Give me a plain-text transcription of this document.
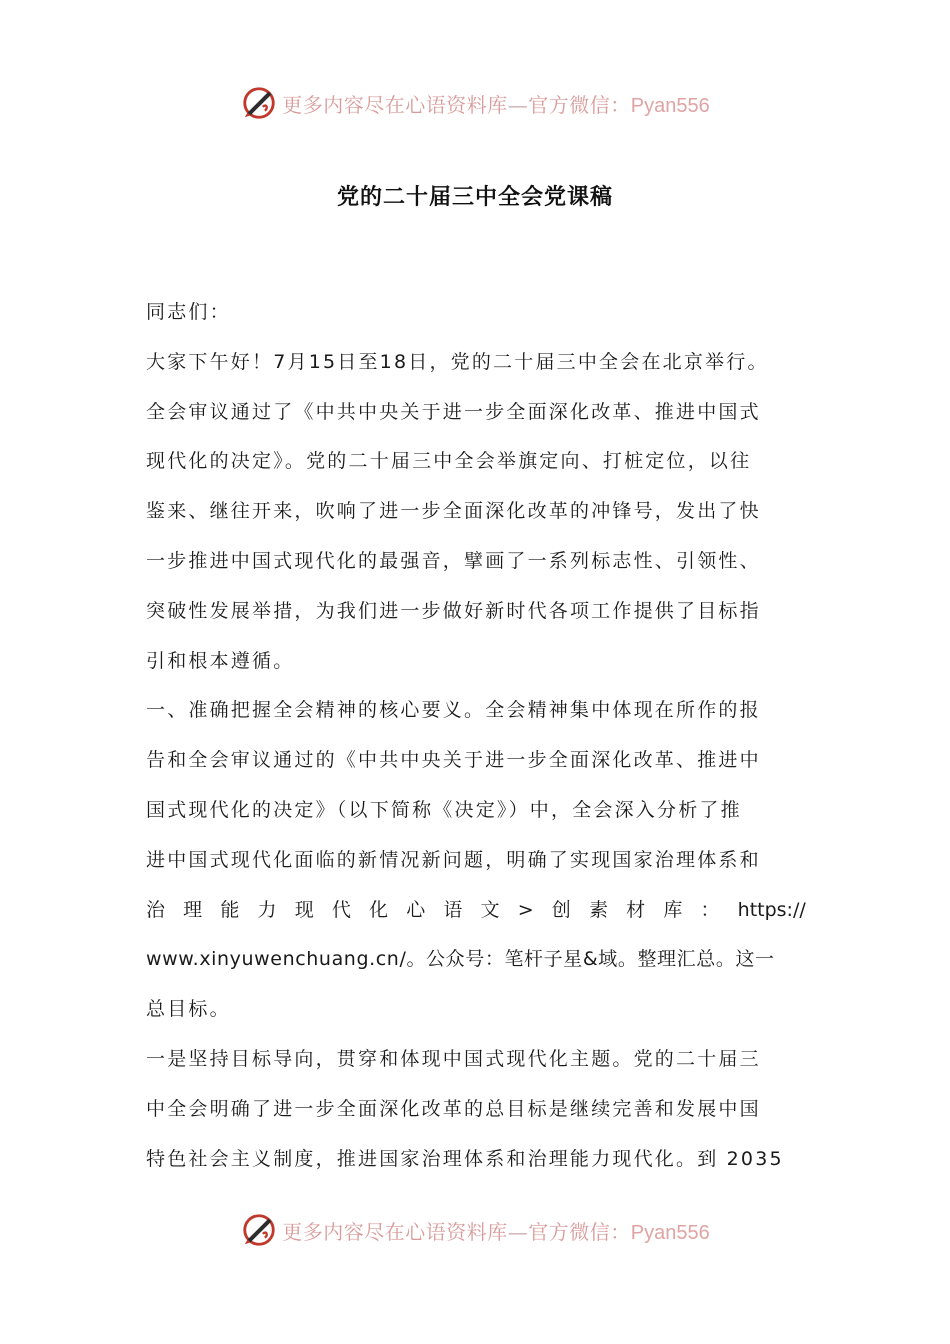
更多内容尽在心语资料库—官方微信：Pyan556
党的二十届三中全会党课稿
同志们：
大家下午好！7月15日至18日，党的二十届三中全会在北京举行。
全会审议通过了《中共中央关于进一步全面深化改革、推进中国式
现代化的决定》。党的二十届三中全会举旗定向、打桩定位，以往
鉴来、继往开来，吹响了进一步全面深化改革的冲锋号，发出了快
一步推进中国式现代化的最强音，擘画了一系列标志性、引领性、
突破性发展举措，为我们进一步做好新时代各项工作提供了目标指
引和根本遵循。
一、准确把握全会精神的核心要义。全会精神集中体现在所作的报
告和全会审议通过的《中共中央关于进一步全面深化改革、推进中
国式现代化的决定》（以下简称《决定》）中，全会深入分析了推
进中国式现代化面临的新情况新问题，明确了实现国家治理体系和
治 理 能 力 现 代 化 心 语 文 > 创 素 材 库 ： https://
www.xinyuwenchuang.cn/。公众号：笔杆子星&域。整理汇总。这一
总目标。
一是坚持目标导向，贯穿和体现中国式现代化主题。党的二十届三
中全会明确了进一步全面深化改革的总目标是继续完善和发展中国
特色社会主义制度，推进国家治理体系和治理能力现代化。到 2035
更多内容尽在心语资料库—官方微信：Pyan556
